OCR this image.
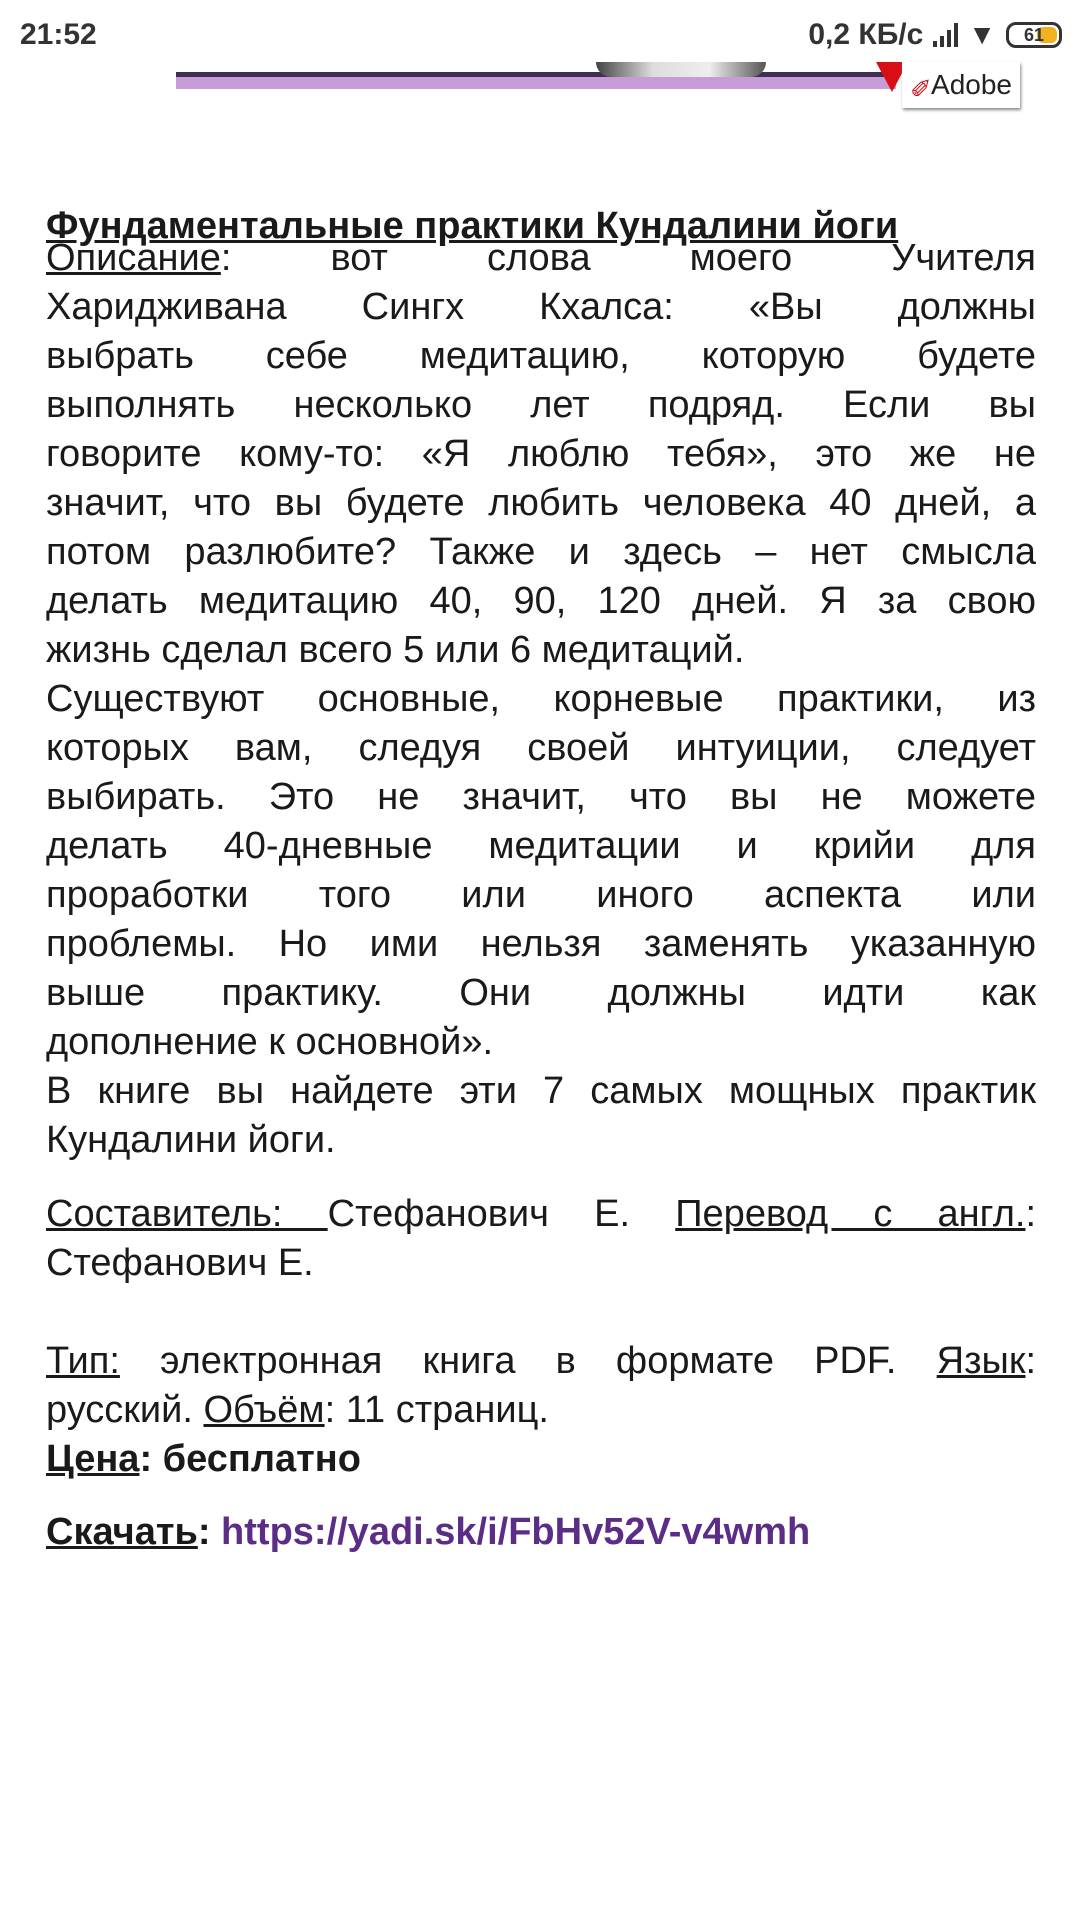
21:52	0,2 КБ/с ▼	61
✐ Adobe
Фундаментальные практики Кундалини йоги
Описание: вот слова моего Учителя
Харидживана Сингх Кхалса: «Вы должны
выбрать себе медитацию, которую будете
выполнять несколько лет подряд. Если вы
говорите кому-то: «Я люблю тебя», это же не
значит, что вы будете любить человека 40 дней, а
потом разлюбите? Также и здесь – нет смысла
делать медитацию 40, 90, 120 дней. Я за свою
жизнь сделал всего 5 или 6 медитаций.
Существуют основные, корневые практики, из
которых вам, следуя своей интуиции, следует
выбирать. Это не значит, что вы не можете
делать 40-дневные медитации и крийи для
проработки того или иного аспекта или
проблемы. Но ими нельзя заменять указанную
выше практику. Они должны идти как
дополнение к основной».
В книге вы найдете эти 7 самых мощных практик
Кундалини йоги.
Составитель: Стефанович Е. Перевод с англ.:
Стефанович Е.
Тип: электронная книга в формате PDF. Язык:
русский. Объём: 11 страниц.
Цена: бесплатно
Скачать: https://yadi.sk/i/FbHv52V-v4wmh
